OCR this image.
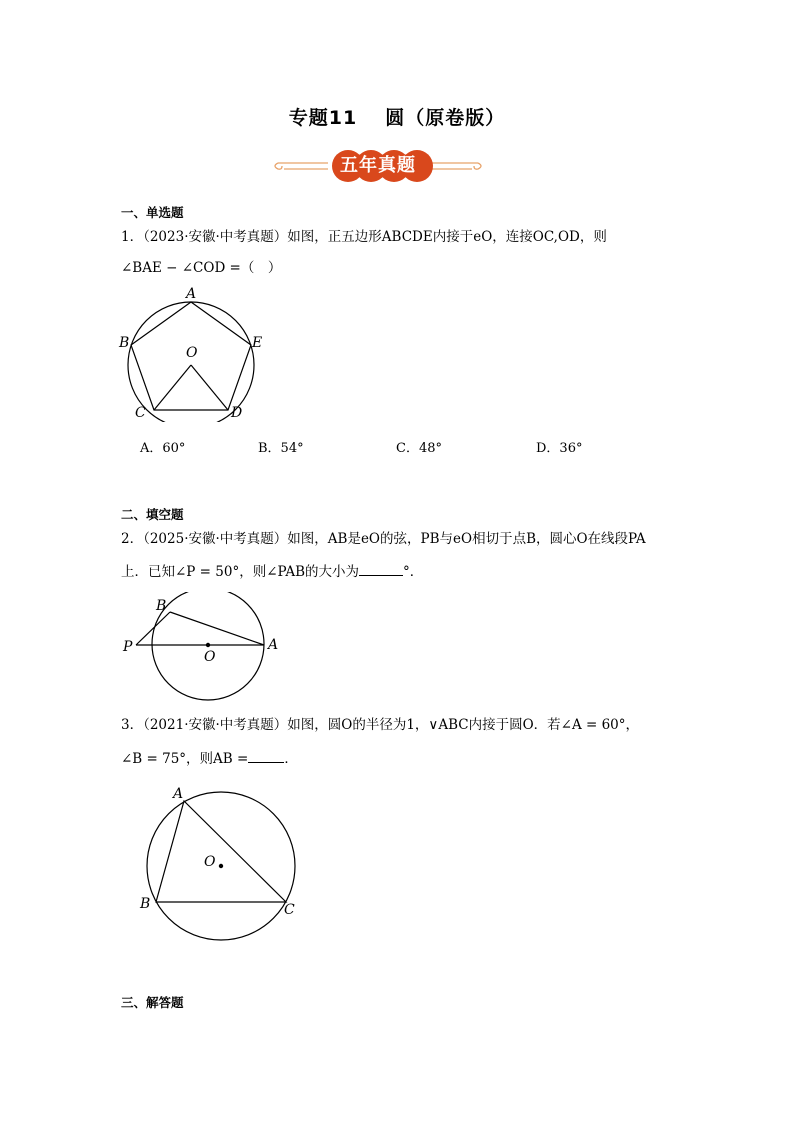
专题11 圆（原卷版）
五年真题
一、单选题
1．（2023·安徽·中考真题）如图，正五边形ABCDE内接于eO，连接OC,OD，则
∠BAE − ∠COD =（　）
A
B
C	D
E
O
A．60°	B．54°	C．48°	D．36°
二、填空题
2．（2025·安徽·中考真题）如图，AB是eO的弦，PB与eO相切于点B，圆心O在线段PA
上．已知∠P = 50°，则∠PAB的大小为	°．
B
P
O
A
3．（2021·安徽·中考真题）如图，圆O的半径为1，∨ABC内接于圆O．若∠A = 60°，
∠B = 75°，则AB =	．
A
O
B	C
三、解答题
